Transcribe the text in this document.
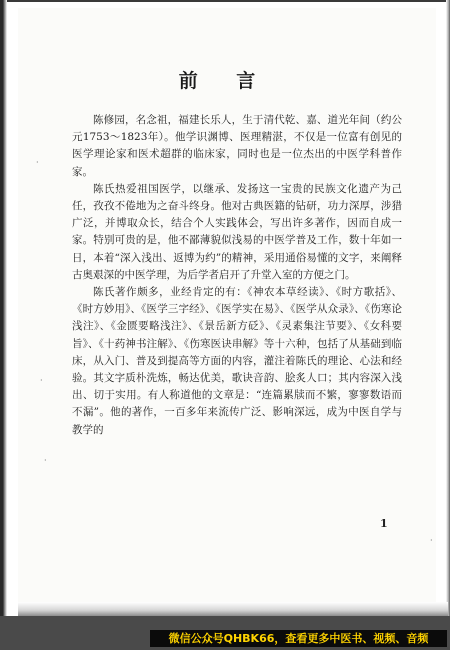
前 言

陈修园，名念祖，福建长乐人，生于清代乾、嘉、道光年间（约公元1753～1823年）。他学识渊博、医理精湛，不仅是一位富有创见的医学理论家和医术超群的临床家，同时也是一位杰出的中医学科普作家。

陈氏热爱祖国医学，以继承、发扬这一宝贵的民族文化遗产为己任，孜孜不倦地为之奋斗终身。他对古典医籍的钻研，功力深厚，涉猎广泛，并博取众长，结合个人实践体会，写出许多著作，因而自成一家。特别可贵的是，他不鄙薄貌似浅易的中医学普及工作，数十年如一日，本着“深入浅出、返博为约”的精神，采用通俗易懂的文字，来阐释古奥艰深的中医学理，为后学者启开了升堂入室的方便之门。

陈氏著作颇多，业经肯定的有：《神农本草经读》、《时方歌括》、《时方妙用》、《医学三字经》、《医学实在易》、《医学从众录》、《伤寒论浅注》、《金匮要略浅注》、《景岳新方砭》、《灵素集注节要》、《女科要旨》、《十药神书注解》、《伤寒医诀串解》等十六种，包括了从基础到临床，从入门、普及到提高等方面的内容，灌注着陈氏的理论、心法和经验。其文字质朴洗炼，畅达优美，歌诀音韵、脍炙人口；其内容深入浅出、切于实用。有人称道他的文章是：“连篇累牍而不繁，寥寥数语而不漏”。他的著作，一百多年来流传广泛、影响深远，成为中医自学与教学的

·
·
·
·
1
微信公众号QHBK66，查看更多中医书、视频、音频
